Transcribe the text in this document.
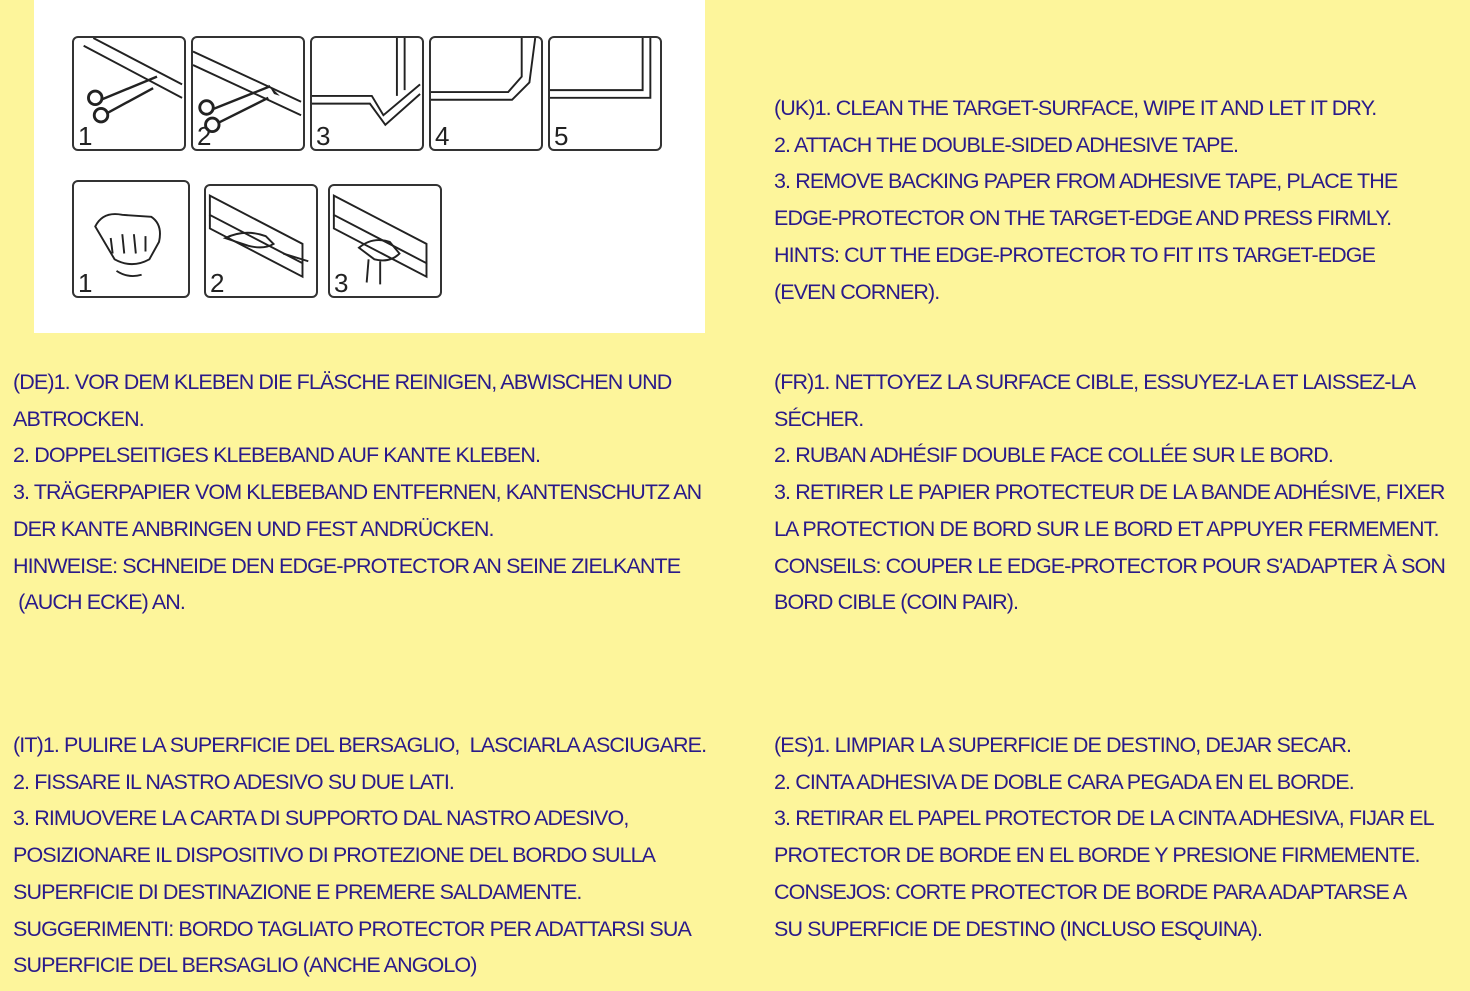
1	2	3	4	5
1	2	3
(UK)1. CLEAN THE TARGET-SURFACE, WIPE IT AND LET IT DRY.
2. ATTACH THE DOUBLE-SIDED ADHESIVE TAPE.
3. REMOVE BACKING PAPER FROM ADHESIVE TAPE, PLACE THE
EDGE-PROTECTOR ON THE TARGET-EDGE AND PRESS FIRMLY.
HINTS: CUT THE EDGE-PROTECTOR TO FIT ITS TARGET-EDGE
(EVEN CORNER).
(DE)1. VOR DEM KLEBEN DIE FLÄSCHE REINIGEN, ABWISCHEN UND
ABTROCKEN.
2. DOPPELSEITIGES KLEBEBAND AUF KANTE KLEBEN.
3. TRÄGERPAPIER VOM KLEBEBAND ENTFERNEN, KANTENSCHUTZ AN
DER KANTE ANBRINGEN UND FEST ANDRÜCKEN.
HINWEISE: SCHNEIDE DEN EDGE-PROTECTOR AN SEINE ZIELKANTE
(AUCH ECKE) AN.
(FR)1. NETTOYEZ LA SURFACE CIBLE, ESSUYEZ-LA ET LAISSEZ-LA
SÉCHER.
2. RUBAN ADHÉSIF DOUBLE FACE COLLÉE SUR LE BORD.
3. RETIRER LE PAPIER PROTECTEUR DE LA BANDE ADHÉSIVE, FIXER
LA PROTECTION DE BORD SUR LE BORD ET APPUYER FERMEMENT.
CONSEILS: COUPER LE EDGE-PROTECTOR POUR S'ADAPTER À SON
BORD CIBLE (COIN PAIR).
(IT)1. PULIRE LA SUPERFICIE DEL BERSAGLIO,  LASCIARLA ASCIUGARE.
2. FISSARE IL NASTRO ADESIVO SU DUE LATI.
3. RIMUOVERE LA CARTA DI SUPPORTO DAL NASTRO ADESIVO,
POSIZIONARE IL DISPOSITIVO DI PROTEZIONE DEL BORDO SULLA
SUPERFICIE DI DESTINAZIONE E PREMERE SALDAMENTE.
SUGGERIMENTI: BORDO TAGLIATO PROTECTOR PER ADATTARSI SUA
SUPERFICIE DEL BERSAGLIO (ANCHE ANGOLO)
(ES)1. LIMPIAR LA SUPERFICIE DE DESTINO, DEJAR SECAR.
2. CINTA ADHESIVA DE DOBLE CARA PEGADA EN EL BORDE.
3. RETIRAR EL PAPEL PROTECTOR DE LA CINTA ADHESIVA, FIJAR EL
PROTECTOR DE BORDE EN EL BORDE Y PRESIONE FIRMEMENTE.
CONSEJOS: CORTE PROTECTOR DE BORDE PARA ADAPTARSE A
SU SUPERFICIE DE DESTINO (INCLUSO ESQUINA).
